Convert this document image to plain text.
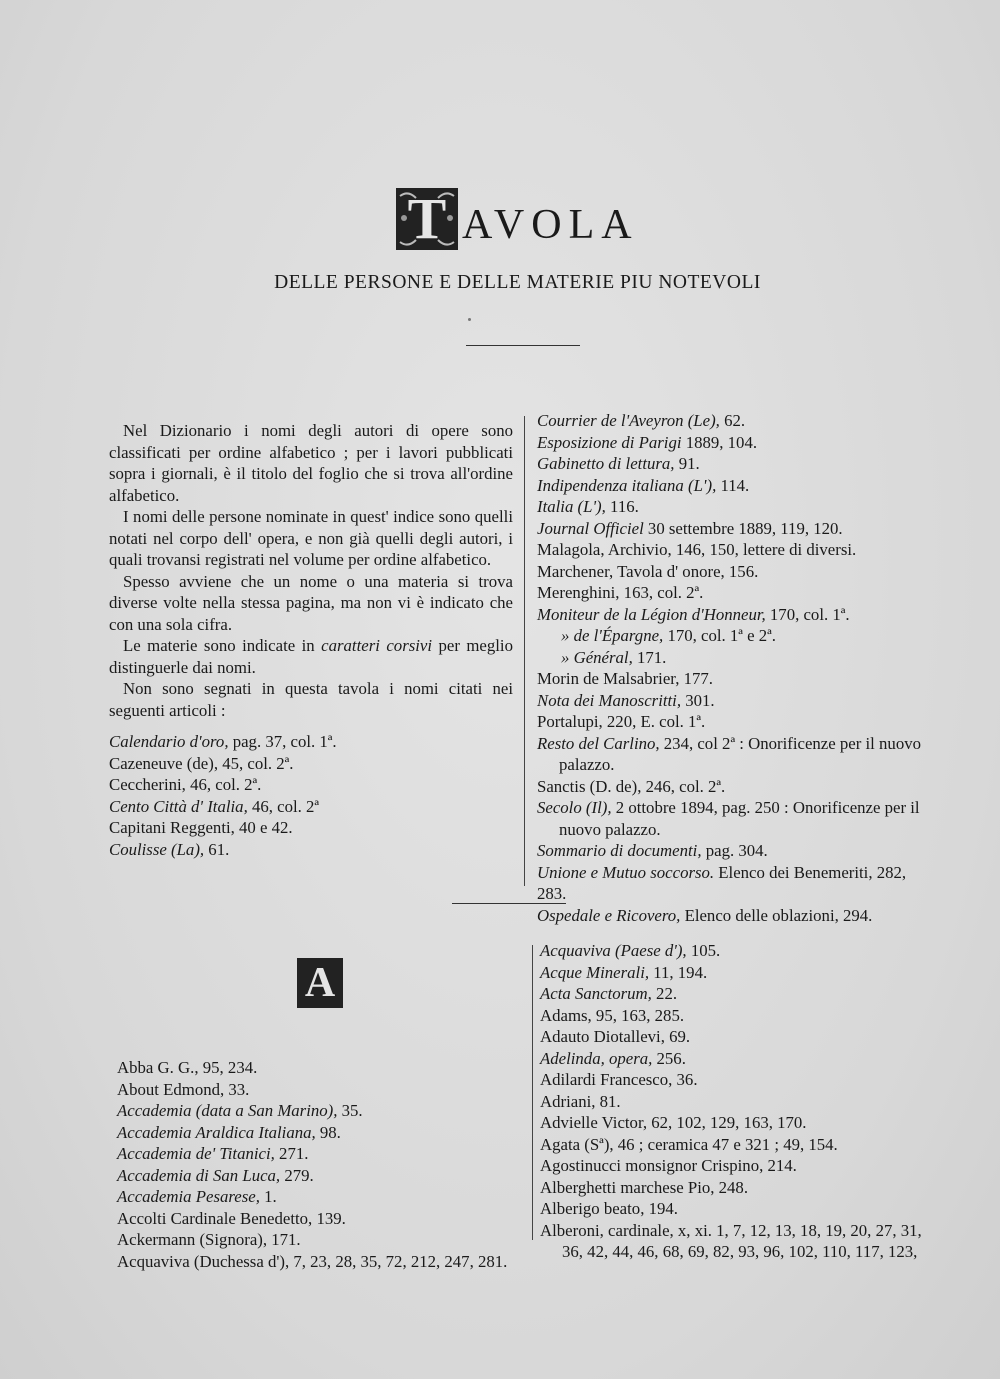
T AVOLA
DELLE PERSONE E DELLE MATERIE PIU NOTEVOLI

Nel Dizionario i nomi degli autori di opere sono classificati per ordine alfabetico ; per i lavori pubblicati sopra i giornali, è il titolo del foglio che si trova all'ordine alfabetico.

I nomi delle persone nominate in quest' indice sono quelli notati nel corpo dell' opera, e non già quelli degli autori, i quali trovansi registrati nel volume per ordine alfabetico.

Spesso avviene che un nome o una materia si trova diverse volte nella stessa pagina, ma non vi è indicato che con una sola cifra.

Le materie sono indicate in caratteri corsivi per meglio distinguerle dai nomi.

Non sono segnati in questa tavola i nomi citati nei seguenti articoli :

Calendario d'oro, pag. 37, col. 1ª.
Cazeneuve (de), 45, col. 2ª.
Ceccherini, 46, col. 2ª.
Cento Città d' Italia, 46, col. 2ª
Capitani Reggenti, 40 e 42.
Coulisse (La), 61.
Courrier de l'Aveyron (Le), 62.
Esposizione di Parigi 1889, 104.
Gabinetto di lettura, 91.
Indipendenza italiana (L'), 114.
Italia (L'), 116.
Journal Officiel 30 settembre 1889, 119, 120.
Malagola, Archivio, 146, 150, lettere di diversi.
Marchener, Tavola d' onore, 156.
Merenghini, 163, col. 2ª.
Moniteur de la Légion d'Honneur, 170, col. 1ª.
» de l'Épargne, 170, col. 1ª e 2ª.
» Général, 171.
Morin de Malsabrier, 177.
Nota dei Manoscritti, 301.
Portalupi, 220, E. col. 1ª.
Resto del Carlino, 234, col 2ª : Onorificenze per il nuovo
palazzo.
Sanctis (D. de), 246, col. 2ª.
Secolo (Il), 2 ottobre 1894, pag. 250 : Onorificenze per il
nuovo palazzo.
Sommario di documenti, pag. 304.
Unione e Mutuo soccorso. Elenco dei Benemeriti, 282, 283.
Ospedale e Ricovero, Elenco delle oblazioni, 294.
A
Abba G. G., 95, 234.
About Edmond, 33.
Accademia (data a San Marino), 35.
Accademia Araldica Italiana, 98.
Accademia de' Titanici, 271.
Accademia di San Luca, 279.
Accademia Pesarese, 1.
Accolti Cardinale Benedetto, 139.
Ackermann (Signora), 171.
Acquaviva (Duchessa d'), 7, 23, 28, 35, 72, 212, 247, 281.
Acquaviva (Paese d'), 105.
Acque Minerali, 11, 194.
Acta Sanctorum, 22.
Adams, 95, 163, 285.
Adauto Diotallevi, 69.
Adelinda, opera, 256.
Adilardi Francesco, 36.
Adriani, 81.
Advielle Victor, 62, 102, 129, 163, 170.
Agata (Sª), 46 ; ceramica 47 e 321 ; 49, 154.
Agostinucci monsignor Crispino, 214.
Alberghetti marchese Pio, 248.
Alberigo beato, 194.
Alberoni, cardinale, x, xi. 1, 7, 12, 13, 18, 19, 20, 27, 31,
36, 42, 44, 46, 68, 69, 82, 93, 96, 102, 110, 117, 123,
